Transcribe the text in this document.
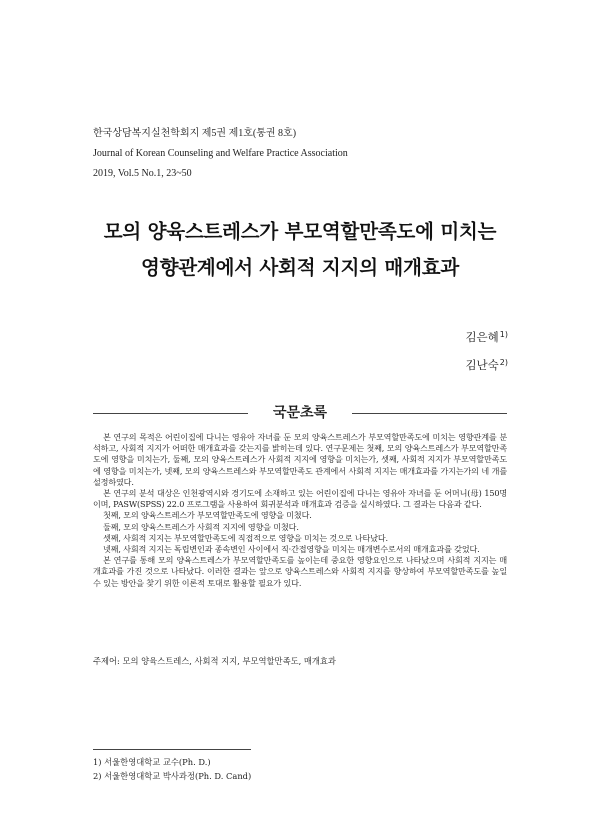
한국상담복지실천학회지 제5권 제1호(통권 8호)
Journal of Korean Counseling and Welfare Practice Association
2019, Vol.5 No.1, 23~50
모의 양육스트레스가 부모역할만족도에 미치는
영향관계에서 사회적 지지의 매개효과
김은혜$^{1)}$
김난숙$^{2)}$
국문초록

본 연구의 목적은 어린이집에 다니는 영유아 자녀를 둔 모의 양육스트레스가 부모역할만족도에 미치는 영향관계를 분석하고, 사회적 지지가 어떠한 매개효과를 갖는지를 밝히는데 있다. 연구문제는 첫째, 모의 양육스트레스가 부모역할만족도에 영향을 미치는가, 둘째, 모의 양육스트레스가 사회적 지지에 영향을 미치는가, 셋째, 사회적 지지가 부모역할만족도에 영향을 미치는가, 넷째, 모의 양육스트레스와 부모역할만족도 관계에서 사회적 지지는 매개효과를 가지는가의 네 개를 설정하였다.

본 연구의 분석 대상은 인천광역시와 경기도에 소재하고 있는 어린이집에 다니는 영유아 자녀를 둔 어머니(母) 150명이며, PASW(SPSS) 22.0 프로그램을 사용하여 회귀분석과 매개효과 검증을 실시하였다. 그 결과는 다음과 같다.

첫째, 모의 양육스트레스가 부모역할만족도에 영향을 미쳤다.

둘째, 모의 양육스트레스가 사회적 지지에 영향을 미쳤다.

셋째, 사회적 지지는 부모역할만족도에 직접적으로 영향을 미치는 것으로 나타났다.

넷째, 사회적 지지는 독립변인과 종속변인 사이에서 직·간접영향을 미치는 매개변수로서의 매개효과를 갖었다.

본 연구를 통해 모의 양육스트레스가 부모역할만족도를 높이는데 중요한 영향요인으로 나타났으며 사회적 지지는 매개효과를 가진 것으로 나타났다. 이러한 결과는 앞으로 양육스트레스와 사회적 지지를 향상하여 부모역할만족도를 높일 수 있는 방안을 찾기 위한 이론적 토대로 활용할 필요가 있다.

주제어: 모의 양육스트레스, 사회적 지지, 부모역할만족도, 매개효과
1) 서울한영대학교 교수(Ph. D.)
2) 서울한영대학교 박사과정(Ph. D. Cand)
